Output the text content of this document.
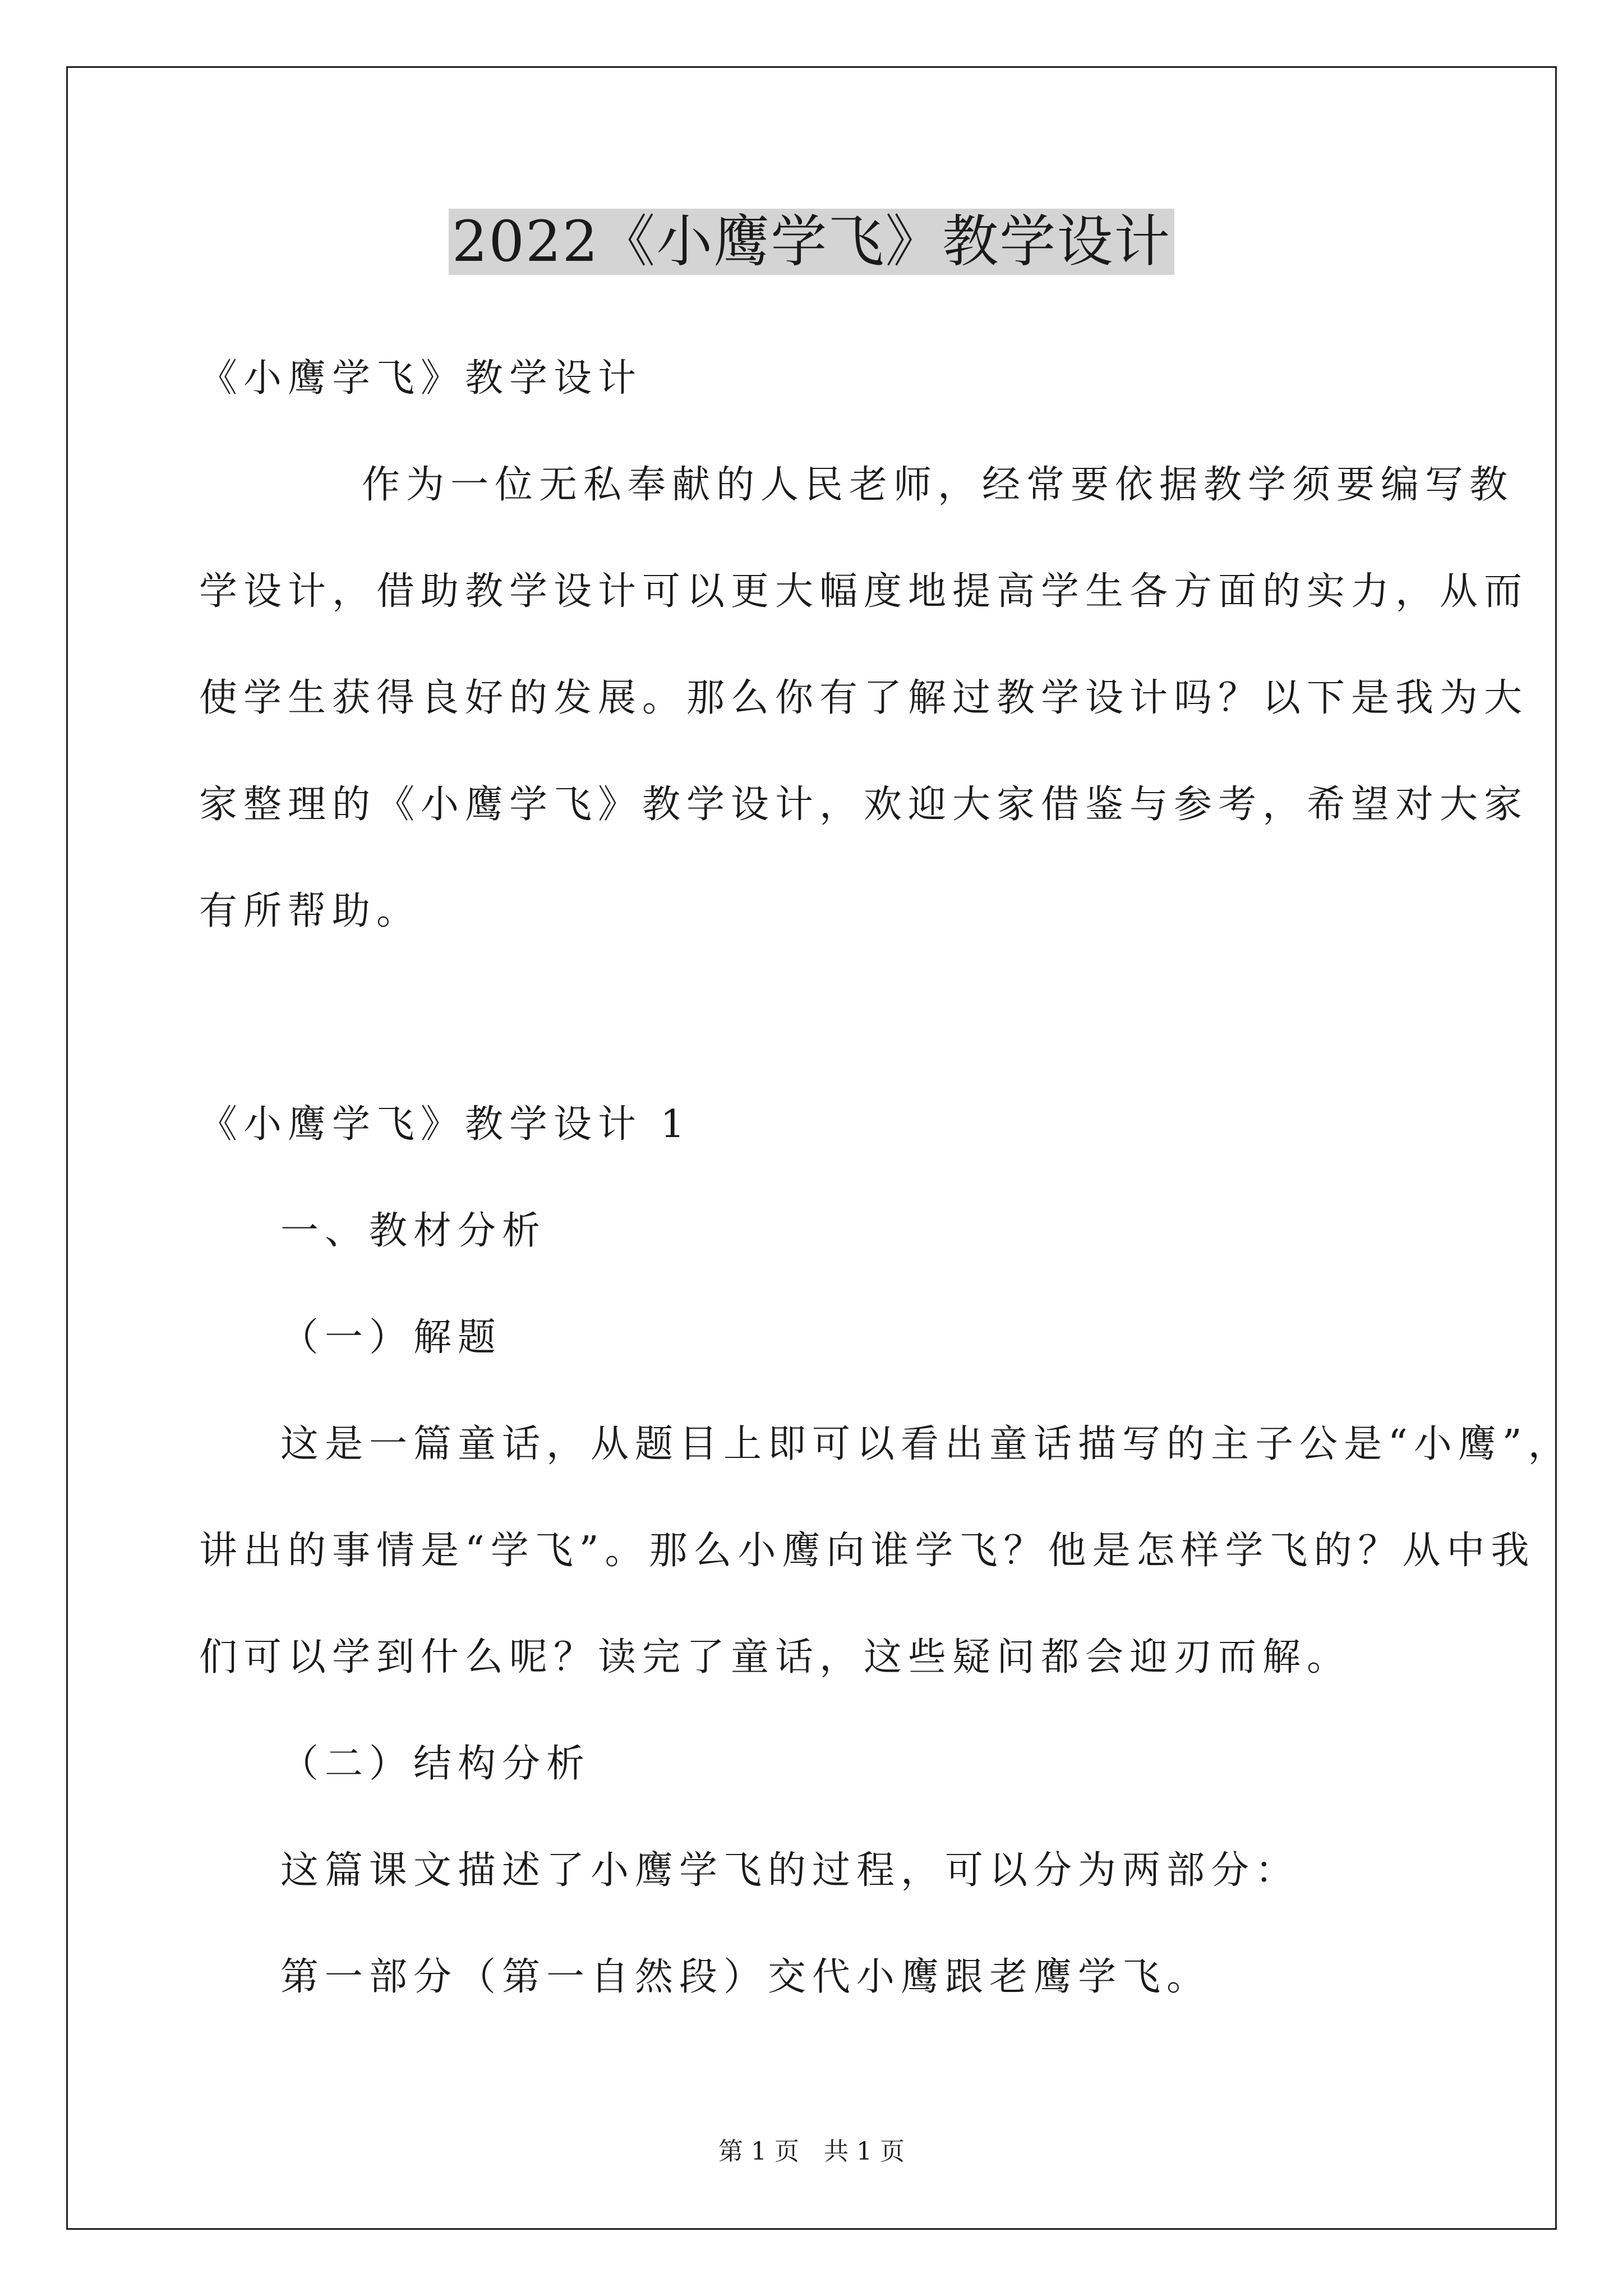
2022《小鹰学飞》教学设计
《小鹰学飞》教学设计
作为一位无私奉献的人民老师，经常要依据教学须要编写教
学设计，借助教学设计可以更大幅度地提高学生各方面的实力，从而
使学生获得良好的发展。那么你有了解过教学设计吗？以下是我为大
家整理的《小鹰学飞》教学设计，欢迎大家借鉴与参考，希望对大家
有所帮助。
《小鹰学飞》教学设计 1
一、教材分析
（一）解题
这是一篇童话，从题目上即可以看出童话描写的主子公是“小鹰”，
讲出的事情是“学飞”。那么小鹰向谁学飞？他是怎样学飞的？从中我
们可以学到什么呢？读完了童话，这些疑问都会迎刃而解。
（二）结构分析
这篇课文描述了小鹰学飞的过程，可以分为两部分：
第一部分（第一自然段）交代小鹰跟老鹰学飞。
第 1 页　共 1 页
